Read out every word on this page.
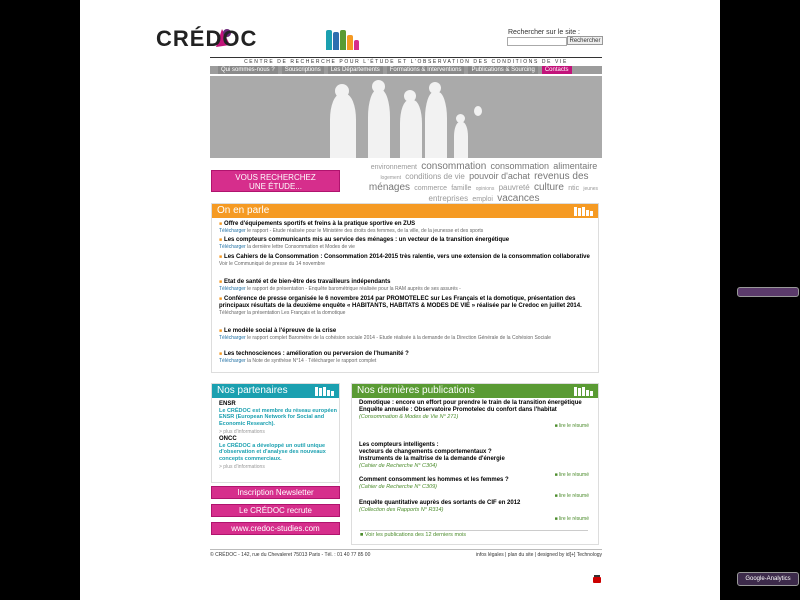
CRÉDOC
CENTRE DE RECHERCHE POUR L'ÉTUDE ET L'OBSERVATION DES CONDITIONS DE VIE
Rechercher sur le site :
Rechercher
Qui sommes-nous ?	Souscriptions	Les Départements	Formations & Interventions	Publications & Sourcing	Contacts
VOUS RECHERCHEZ
UNE ÉTUDE...
environnement consommation consommation alimentaire logement conditions de vie pouvoir d'achat revenus des ménages commerce famille opinions pauvreté culture ntic jeunes entreprises emploi vacances
On en parle
■ Offre d'équipements sportifs et freins à la pratique sportive en ZUS
Télécharger le rapport - Etude réalisée pour le Ministère des droits des femmes, de la ville, de la jeunesse et des sports
■ Les compteurs communicants mis au service des ménages : un vecteur de la transition énergétique
Télécharger la dernière lettre Consommation et Modes de vie
■ Les Cahiers de la Consommation : Consommation 2014-2015 très ralentie, vers une extension de la consommation collaborative
Voir le Communiqué de presse du 14 novembre
■ Etat de santé et de bien-être des travailleurs indépendants
Télécharger le rapport de présentation - Enquête barométrique réalisée pour la RAM auprès de ses assurés -
■ Conférence de presse organisée le 6 novembre 2014 par PROMOTELEC sur Les Français et la domotique, présentation des principaux résultats de la deuxième enquête « HABITANTS, HABITATS & MODES DE VIE » réalisée par le Credoc en juillet 2014.
Télécharger la présentation Les Français et la domotique
■ Le modèle social à l'épreuve de la crise
Télécharger le rapport complet Baromètre de la cohésion sociale 2014 - Etude réalisée à la demande de la Direction Générale de la Cohésion Sociale
■ Les technosciences : amélioration ou perversion de l'humanité ?
Télécharger la Note de synthèse N°14 · Télécharger le rapport complet
Nos partenaires
ENSR
Le CRÉDOC est membre du réseau européen ENSR (European Network for Social and Economic Research).
> plus d'informations
ONCC
Le CRÉDOC a développé un outil unique d'observation et d'analyse des nouveaux concepts commerciaux.
> plus d'informations
Inscription Newsletter
Le CRÉDOC recrute
www.credoc-studies.com
Nos dernières publications
Domotique : encore un effort pour prendre le train de la transition énergétique
Enquête annuelle : Observatoire Promotelec du confort dans l'habitat
(Consommation & Modes de Vie N° 271)
■ lire le résumé
Les compteurs intelligents :
vecteurs de changements comportementaux ?
Instruments de la maîtrise de la demande d'énergie
(Cahier de Recherche N° C304)
■ lire le résumé
Comment consomment les hommes et les femmes ?
(Cahier de Recherche N° C309)
■ lire le résumé
Enquête quantitative auprès des sortants de CIF en 2012
(Collection des Rapports N° R314)
■ lire le résumé
■ Voir les publications des 12 derniers mois
© CRÉDOC - 142, rue du Chevaleret 75013 Paris - Tél. : 01 40 77 85 00	infos légales | plan du site | designed by id[+] Technology
Google-Analytics
